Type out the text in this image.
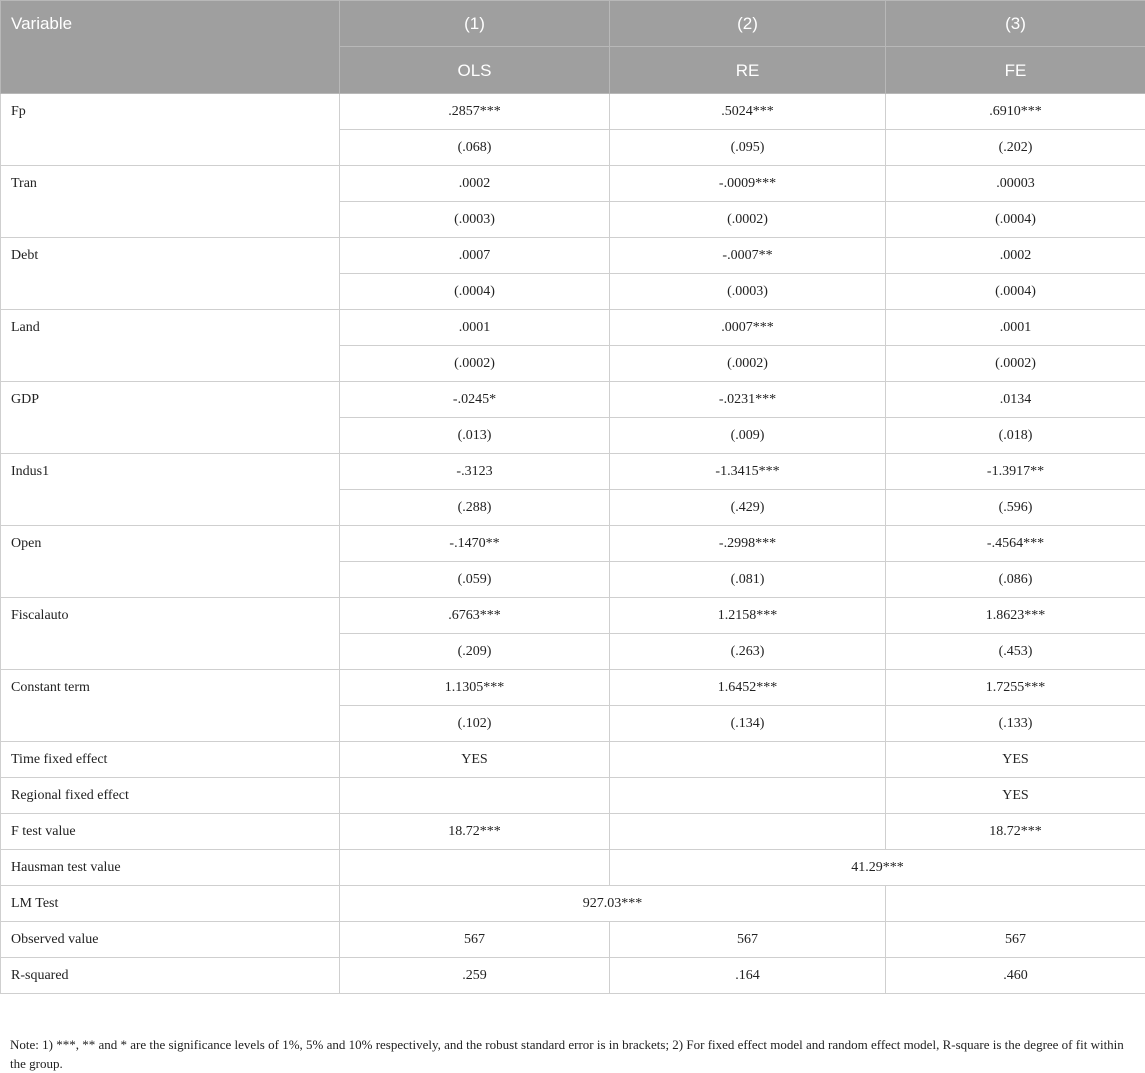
Variable	(1)	(2)	(3)
	OLS	RE	FE
Fp	.2857***	.5024***	.6910***
	(.068)	(.095)	(.202)
Tran	.0002	-.0009***	.00003
	(.0003)	(.0002)	(.0004)
Debt	.0007	-.0007**	.0002
	(.0004)	(.0003)	(.0004)
Land	.0001	.0007***	.0001
	(.0002)	(.0002)	(.0002)
GDP	-.0245*	-.0231***	.0134
	(.013)	(.009)	(.018)
Indus1	-.3123	-1.3415***	-1.3917**
	(.288)	(.429)	(.596)
Open	-.1470**	-.2998***	-.4564***
	(.059)	(.081)	(.086)
Fiscalauto	.6763***	1.2158***	1.8623***
	(.209)	(.263)	(.453)
Constant term	1.1305***	1.6452***	1.7255***
	(.102)	(.134)	(.133)
Time fixed effect	YES		YES
Regional fixed effect			YES
F test value	18.72***		18.72***
Hausman test value		41.29***	
LM Test	927.03***		
Observed value	567	567	567
R-squared	.259	.164	.460

Note: 1) ***, ** and * are the significance levels of 1%, 5% and 10% respectively, and the robust standard error is in brackets; 2) For fixed effect model and random effect model, R-square is the degree of fit within the group.
